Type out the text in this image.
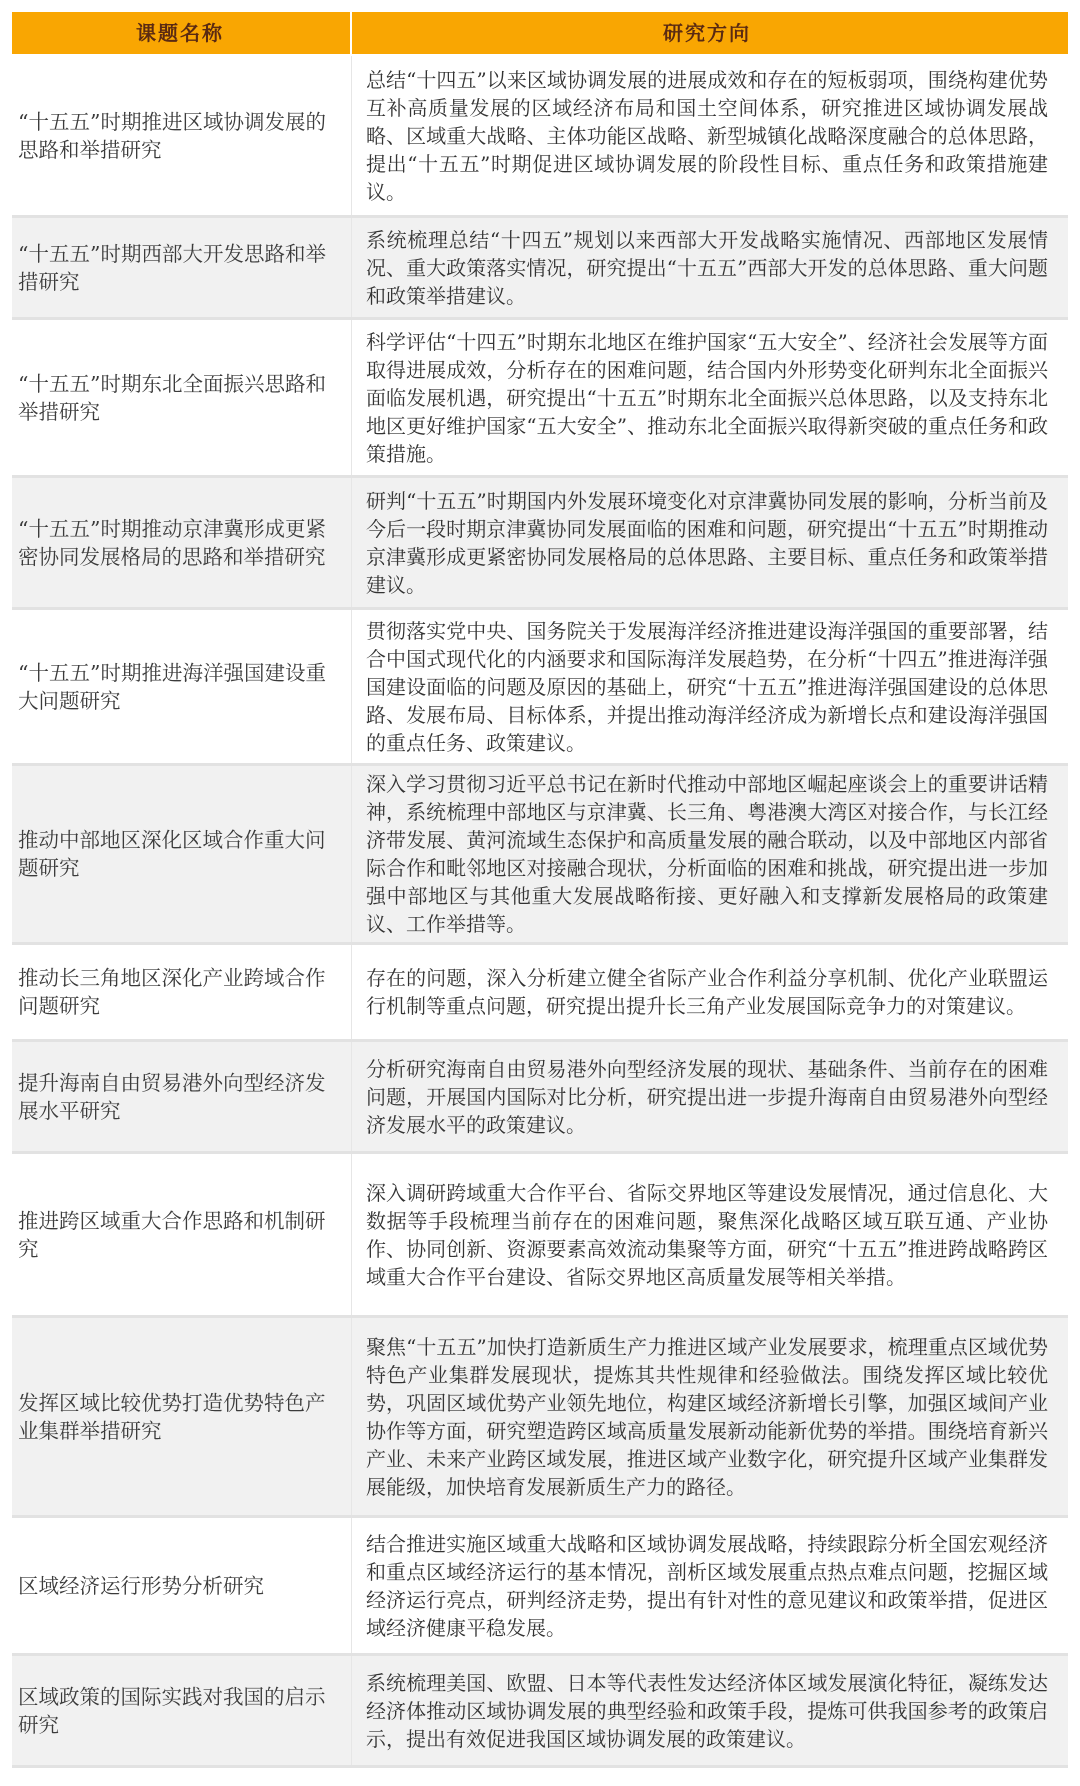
课题名称	研究方向
“十五五”时期推进区域协调发展的思路和举措研究
总结“十四五”以来区域协调发展的进展成效和存在的短板弱项，围绕构建优势互补高质量发展的区域经济布局和国土空间体系，研究推进区域协调发展战略、区域重大战略、主体功能区战略、新型城镇化战略深度融合的总体思路，提出“十五五”时期促进区域协调发展的阶段性目标、重点任务和政策措施建议。
“十五五”时期西部大开发思路和举措研究
系统梳理总结“十四五”规划以来西部大开发战略实施情况、西部地区发展情况、重大政策落实情况，研究提出“十五五”西部大开发的总体思路、重大问题和政策举措建议。
“十五五”时期东北全面振兴思路和举措研究
科学评估“十四五”时期东北地区在维护国家“五大安全”、经济社会发展等方面取得进展成效，分析存在的困难问题，结合国内外形势变化研判东北全面振兴面临发展机遇，研究提出“十五五”时期东北全面振兴总体思路，以及支持东北地区更好维护国家“五大安全”、推动东北全面振兴取得新突破的重点任务和政策措施。
“十五五”时期推动京津冀形成更紧密协同发展格局的思路和举措研究
研判“十五五”时期国内外发展环境变化对京津冀协同发展的影响，分析当前及今后一段时期京津冀协同发展面临的困难和问题，研究提出“十五五”时期推动京津冀形成更紧密协同发展格局的总体思路、主要目标、重点任务和政策举措建议。
“十五五”时期推进海洋强国建设重大问题研究
贯彻落实党中央、国务院关于发展海洋经济推进建设海洋强国的重要部署，结合中国式现代化的内涵要求和国际海洋发展趋势，在分析“十四五”推进海洋强国建设面临的问题及原因的基础上，研究“十五五”推进海洋强国建设的总体思路、发展布局、目标体系，并提出推动海洋经济成为新增长点和建设海洋强国的重点任务、政策建议。
推动中部地区深化区域合作重大问题研究
深入学习贯彻习近平总书记在新时代推动中部地区崛起座谈会上的重要讲话精神，系统梳理中部地区与京津冀、长三角、粤港澳大湾区对接合作，与长江经济带发展、黄河流域生态保护和高质量发展的融合联动，以及中部地区内部省际合作和毗邻地区对接融合现状，分析面临的困难和挑战，研究提出进一步加强中部地区与其他重大发展战略衔接、更好融入和支撑新发展格局的政策建议、工作举措等。
推动长三角地区深化产业跨域合作问题研究
存在的问题，深入分析建立健全省际产业合作利益分享机制、优化产业联盟运行机制等重点问题，研究提出提升长三角产业发展国际竞争力的对策建议。
提升海南自由贸易港外向型经济发展水平研究
分析研究海南自由贸易港外向型经济发展的现状、基础条件、当前存在的困难问题，开展国内国际对比分析，研究提出进一步提升海南自由贸易港外向型经济发展水平的政策建议。
推进跨区域重大合作思路和机制研究
深入调研跨域重大合作平台、省际交界地区等建设发展情况，通过信息化、大数据等手段梳理当前存在的困难问题，聚焦深化战略区域互联互通、产业协作、协同创新、资源要素高效流动集聚等方面，研究“十五五”推进跨战略跨区域重大合作平台建设、省际交界地区高质量发展等相关举措。
发挥区域比较优势打造优势特色产业集群举措研究
聚焦“十五五”加快打造新质生产力推进区域产业发展要求，梳理重点区域优势特色产业集群发展现状，提炼其共性规律和经验做法。围绕发挥区域比较优势，巩固区域优势产业领先地位，构建区域经济新增长引擎，加强区域间产业协作等方面，研究塑造跨区域高质量发展新动能新优势的举措。围绕培育新兴产业、未来产业跨区域发展，推进区域产业数字化，研究提升区域产业集群发展能级，加快培育发展新质生产力的路径。
区域经济运行形势分析研究
结合推进实施区域重大战略和区域协调发展战略，持续跟踪分析全国宏观经济和重点区域经济运行的基本情况，剖析区域发展重点热点难点问题，挖掘区域经济运行亮点，研判经济走势，提出有针对性的意见建议和政策举措，促进区域经济健康平稳发展。
区域政策的国际实践对我国的启示研究
系统梳理美国、欧盟、日本等代表性发达经济体区域发展演化特征，凝练发达经济体推动区域协调发展的典型经验和政策手段，提炼可供我国参考的政策启示，提出有效促进我国区域协调发展的政策建议。
